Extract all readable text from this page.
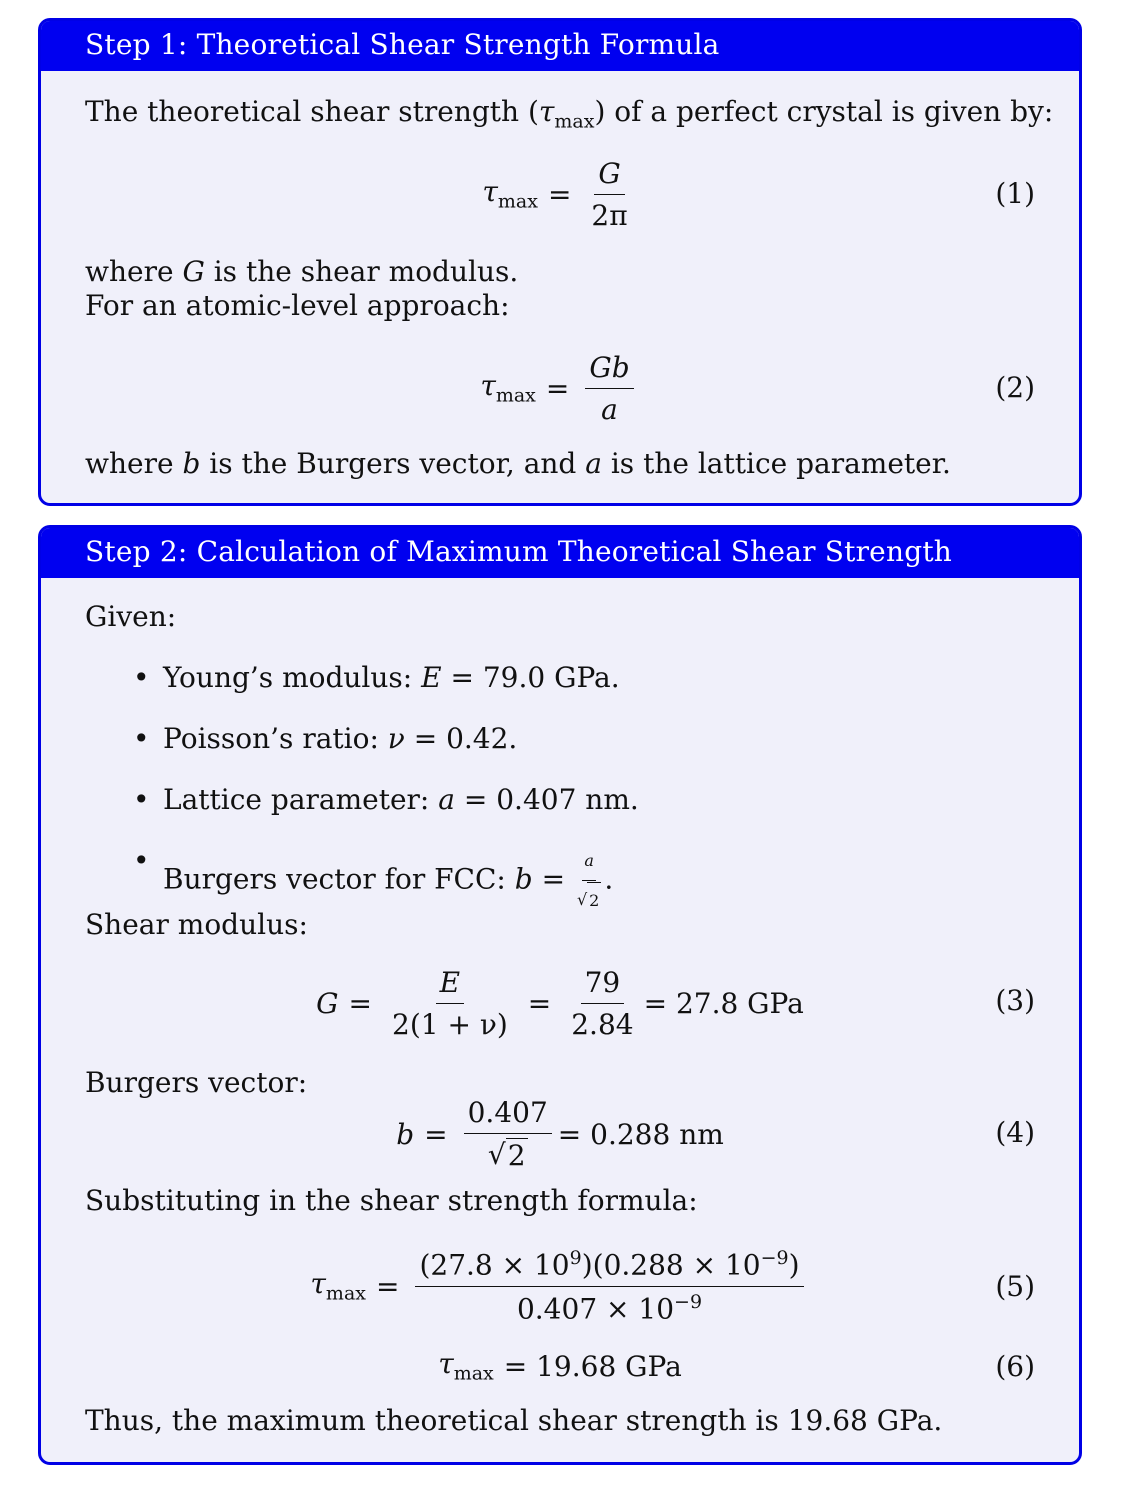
Step 1: Theoretical Shear Strength Formula
The theoretical shear strength $(\tau_{max})$ of a perfect crystal is given by:
$\tau_{max} = \frac{G}{2\pi}$	(1)
where G is the shear modulus.
For an atomic-level approach:
$\tau_{max} = \frac{Gb}{a}$	(2)
where b is the Burgers vector, and a is the lattice parameter.
Step 2: Calculation of Maximum Theoretical Shear Strength
Given:
• Young’s modulus: E = 79.0 GPa.
• Poisson’s ratio: ν = 0.42.
• Lattice parameter: a = 0.407 nm.
• Burgers vector for FCC: $b = \frac{a}{√ 2}$ .
Shear modulus:
$G = \frac{E}{2(1 + \nu)} = \frac{79}{2.84} = 27.8$ GPa	(3)
Burgers vector:
$b = \frac{0.407}{√ 2} = 0.288$ nm	(4)
Substituting in the shear strength formula:
$\tau_{max} = \frac{(27.8 \times 10^9)(0.288 \times 10^{-9})}{0.407 \times 10^{-9}}$	(5)
$\tau_{max} = 19.68$ GPa	(6)
Thus, the maximum theoretical shear strength is 19.68 GPa.
